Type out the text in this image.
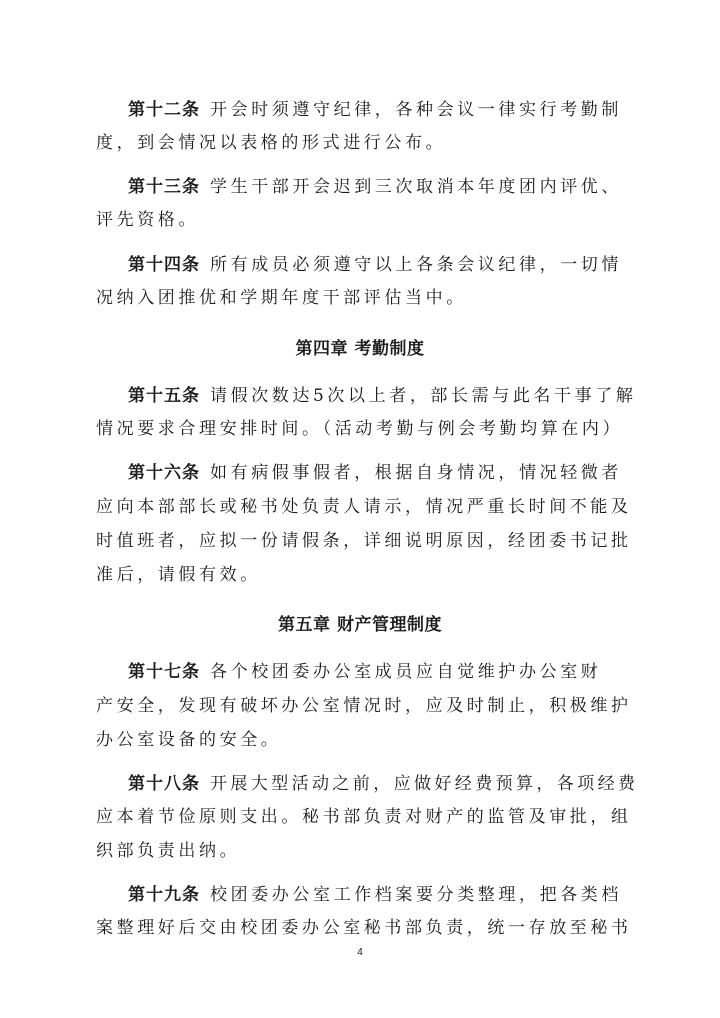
第十二条 开会时须遵守纪律，各种会议一律实行考勤制
度，到会情况以表格的形式进行公布。
第十三条 学生干部开会迟到三次取消本年度团内评优、
评先资格。
第十四条 所有成员必须遵守以上各条会议纪律，一切情
况纳入团推优和学期年度干部评估当中。
第四章 考勤制度
第十五条 请假次数达5次以上者，部长需与此名干事了解
情况要求合理安排时间。（活动考勤与例会考勤均算在内）
第十六条 如有病假事假者，根据自身情况，情况轻微者
应向本部部长或秘书处负责人请示，情况严重长时间不能及
时值班者，应拟一份请假条，详细说明原因，经团委书记批
准后，请假有效。
第五章 财产管理制度
第十七条 各个校团委办公室成员应自觉维护办公室财
产安全，发现有破坏办公室情况时，应及时制止，积极维护
办公室设备的安全。
第十八条 开展大型活动之前，应做好经费预算，各项经费
应本着节俭原则支出。秘书部负责对财产的监管及审批，组
织部负责出纳。
第十九条 校团委办公室工作档案要分类整理，把各类档
案整理好后交由校团委办公室秘书部负责，统一存放至秘书
4
